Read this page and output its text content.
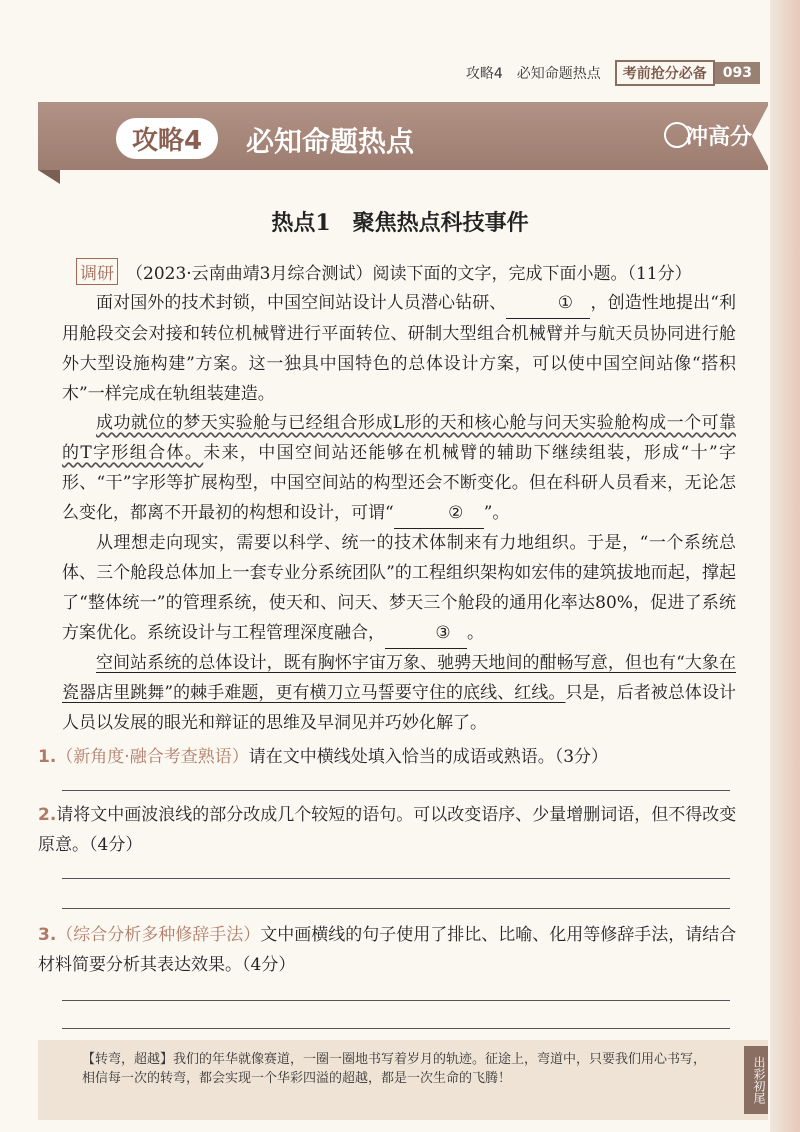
攻略4　必知命题热点	考前抢分必备	093
攻略4	必知命题热点	冲高分
热点1　聚焦热点科技事件
调研 （2023·云南曲靖3月综合测试）阅读下面的文字，完成下面小题。（11分）
面对国外的技术封锁，中国空间站设计人员潜心钻研、	① ，创造性地提出“利用舱段交会对接和转位机械臂进行平面转位、研制大型组合机械臂并与航天员协同进行舱外大型设施构建”方案。这一独具中国特色的总体设计方案，可以使中国空间站像“搭积木”一样完成在轨组装建造。
成功就位的梦天实验舱与已经组合形成L形的天和核心舱与问天实验舱构成一个可靠的T字形组合体。未来，中国空间站还能够在机械臂的辅助下继续组装，形成“十”字形、“干”字形等扩展构型，中国空间站的构型还会不断变化。但在科研人员看来，无论怎么变化，都离不开最初的构想和设计，可谓“	② ”。
从理想走向现实，需要以科学、统一的技术体制来有力地组织。于是，“一个系统总体、三个舱段总体加上一套专业分系统团队”的工程组织架构如宏伟的建筑拔地而起，撑起了“整体统一”的管理系统，使天和、问天、梦天三个舱段的通用化率达80%，促进了系统方案优化。系统设计与工程管理深度融合，	③ 。
空间站系统的总体设计，既有胸怀宇宙万象、驰骋天地间的酣畅写意，但也有“大象在瓷器店里跳舞”的棘手难题，更有横刀立马誓要守住的底线、红线。只是，后者被总体设计人员以发展的眼光和辩证的思维及早洞见并巧妙化解了。
1.（新角度·融合考查熟语）请在文中横线处填入恰当的成语或熟语。（3分）
2.请将文中画波浪线的部分改成几个较短的语句。可以改变语序、少量增删词语，但不得改变原意。（4分）
3.（综合分析多种修辞手法）文中画横线的句子使用了排比、比喻、化用等修辞手法，请结合材料简要分析其表达效果。（4分）
【转弯，超越】我们的年华就像赛道，一圈一圈地书写着岁月的轨迹。征途上，弯道中，只要我们用心书写，相信每一次的转弯，都会实现一个华彩四溢的超越，都是一次生命的飞腾！	出彩初尾
